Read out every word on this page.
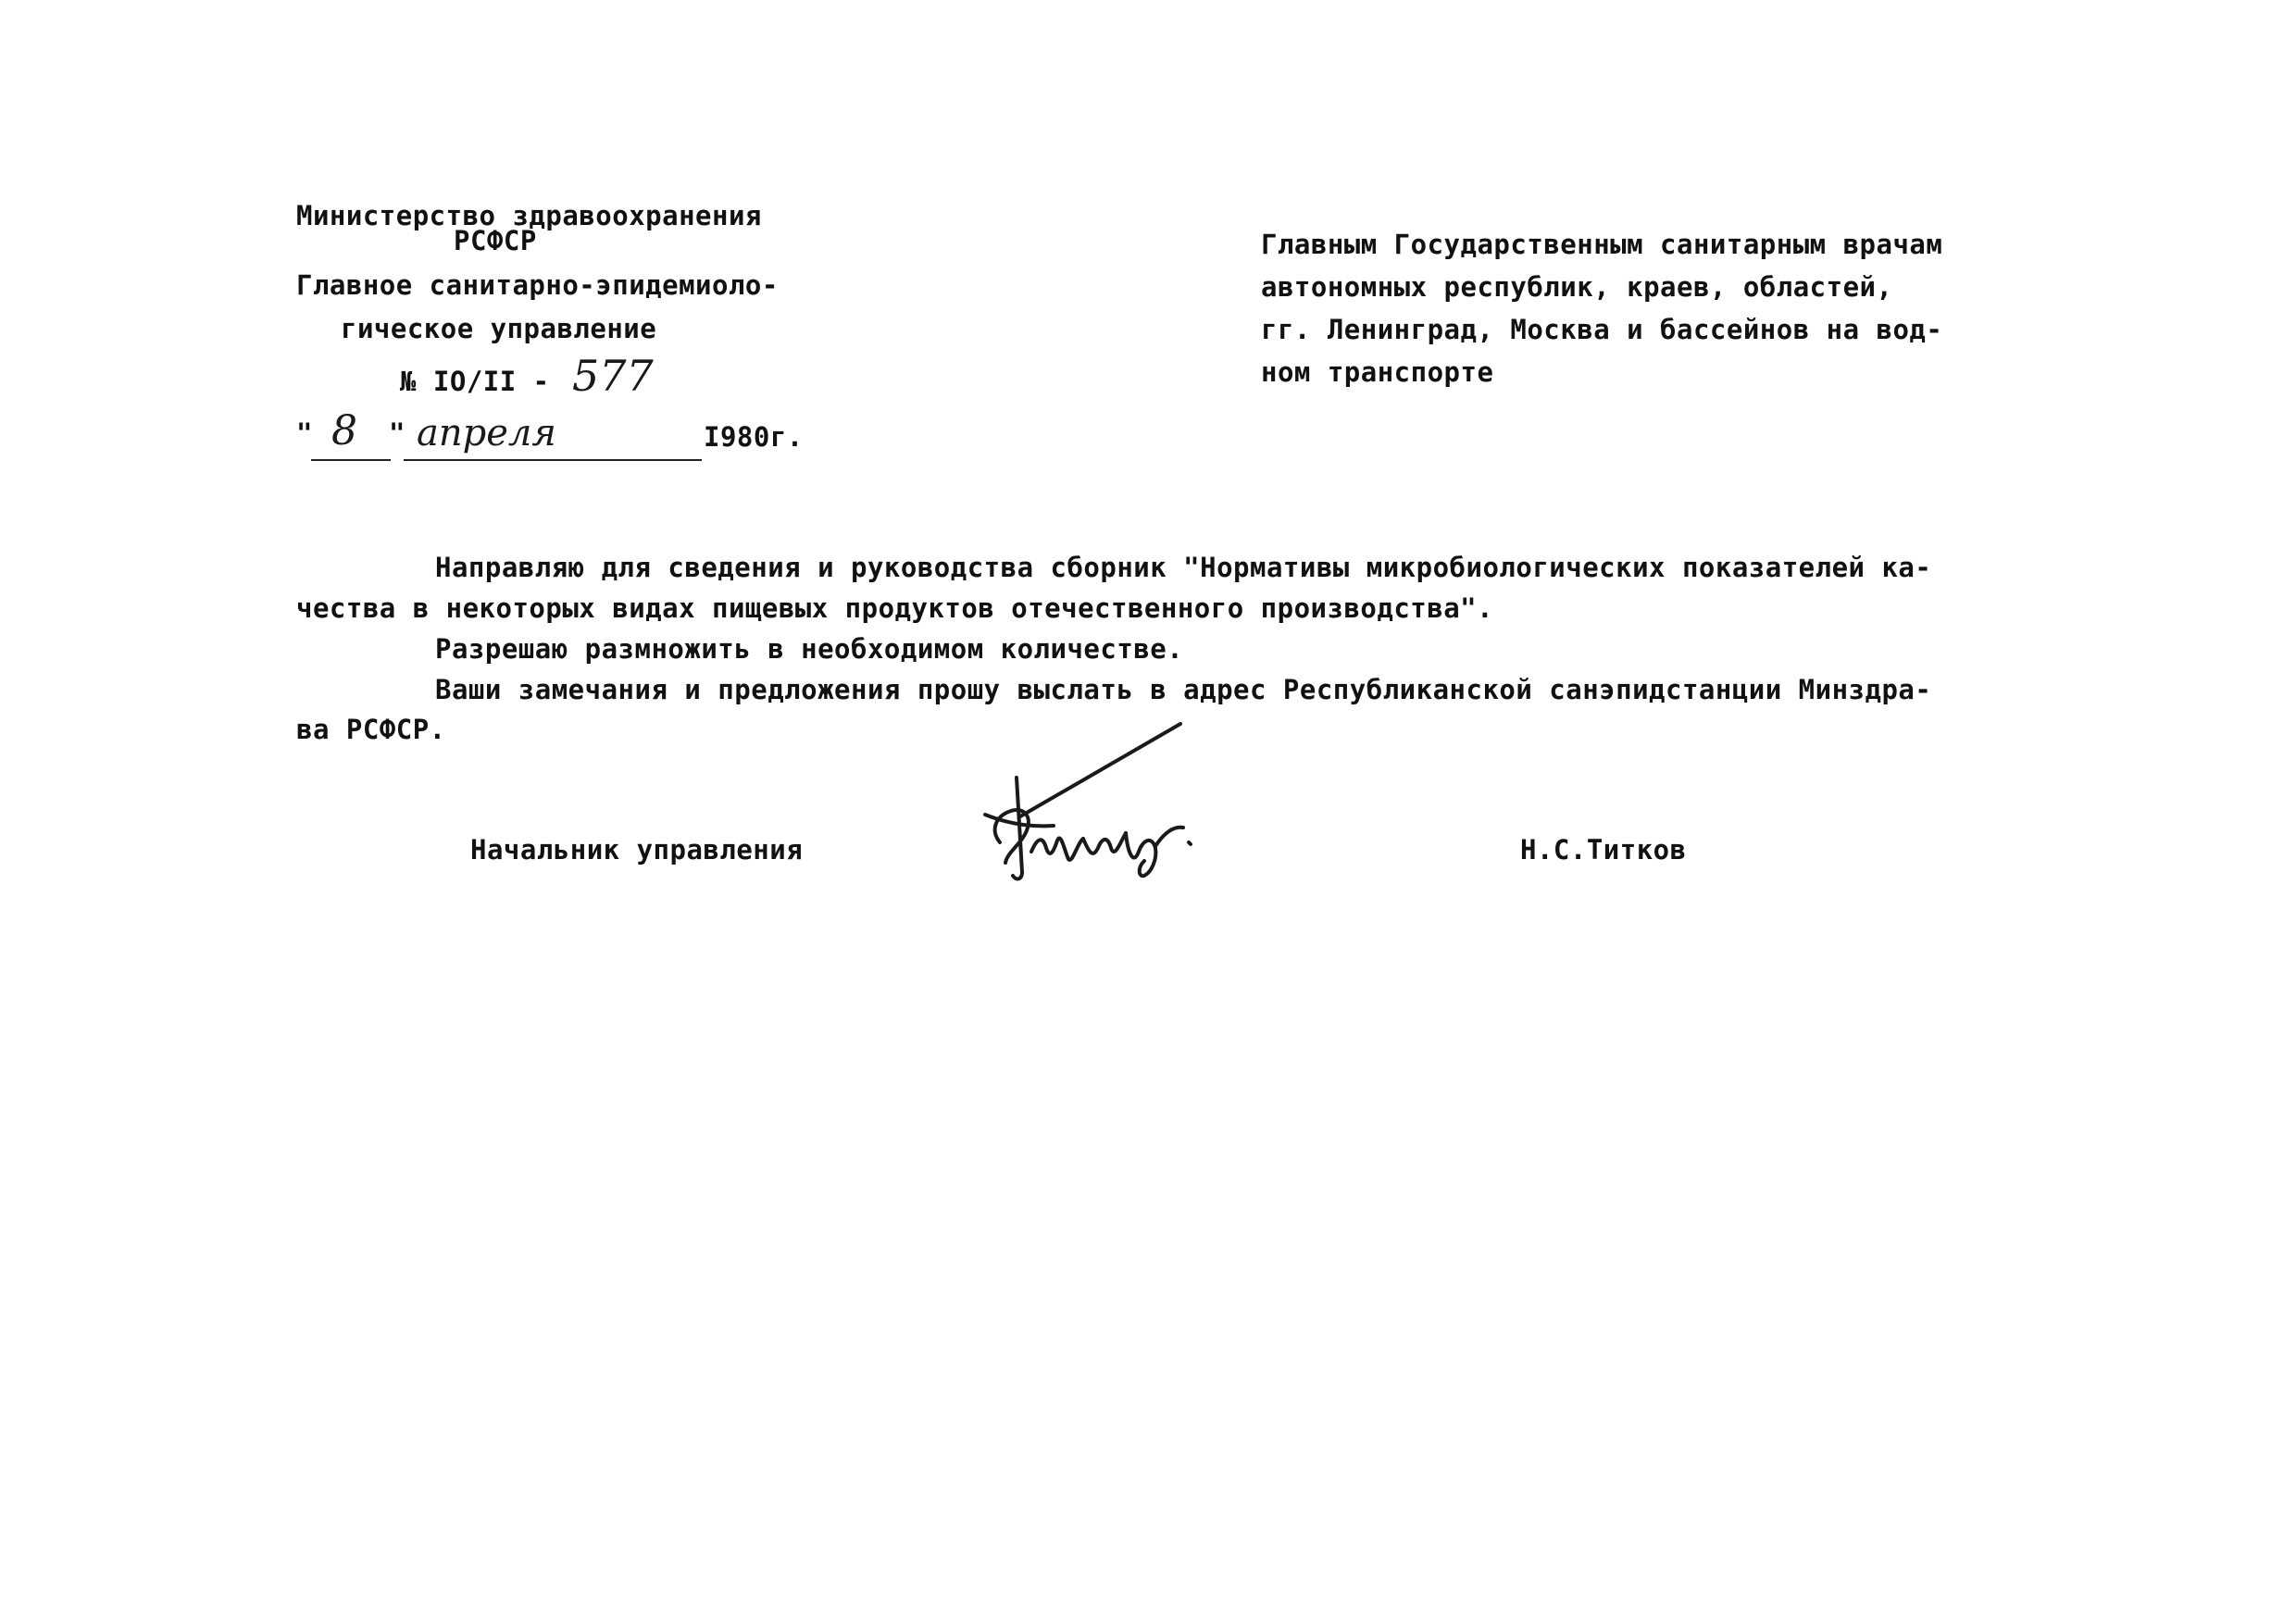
Министерство здравоохранения
РСФСР
Главное санитарно-эпидемиоло-
гическое управление
№ IO/II - 577
" 8 " апреля	I980г.
Главным Государственным санитарным врачам
автономных республик, краев, областей,
гг. Ленинград, Москва и бассейнов на вод-
ном транспорте
Направляю для сведения и руководства сборник "Нормативы микробиологических показателей ка-
чества в некоторых видах пищевых продуктов отечественного производства".
Разрешаю размножить в необходимом количестве.
Ваши замечания и предложения прошу выслать в адрес Республиканской санэпидстанции Минздра-
ва РСФСР.
Начальник управления	Н.С.Титков
